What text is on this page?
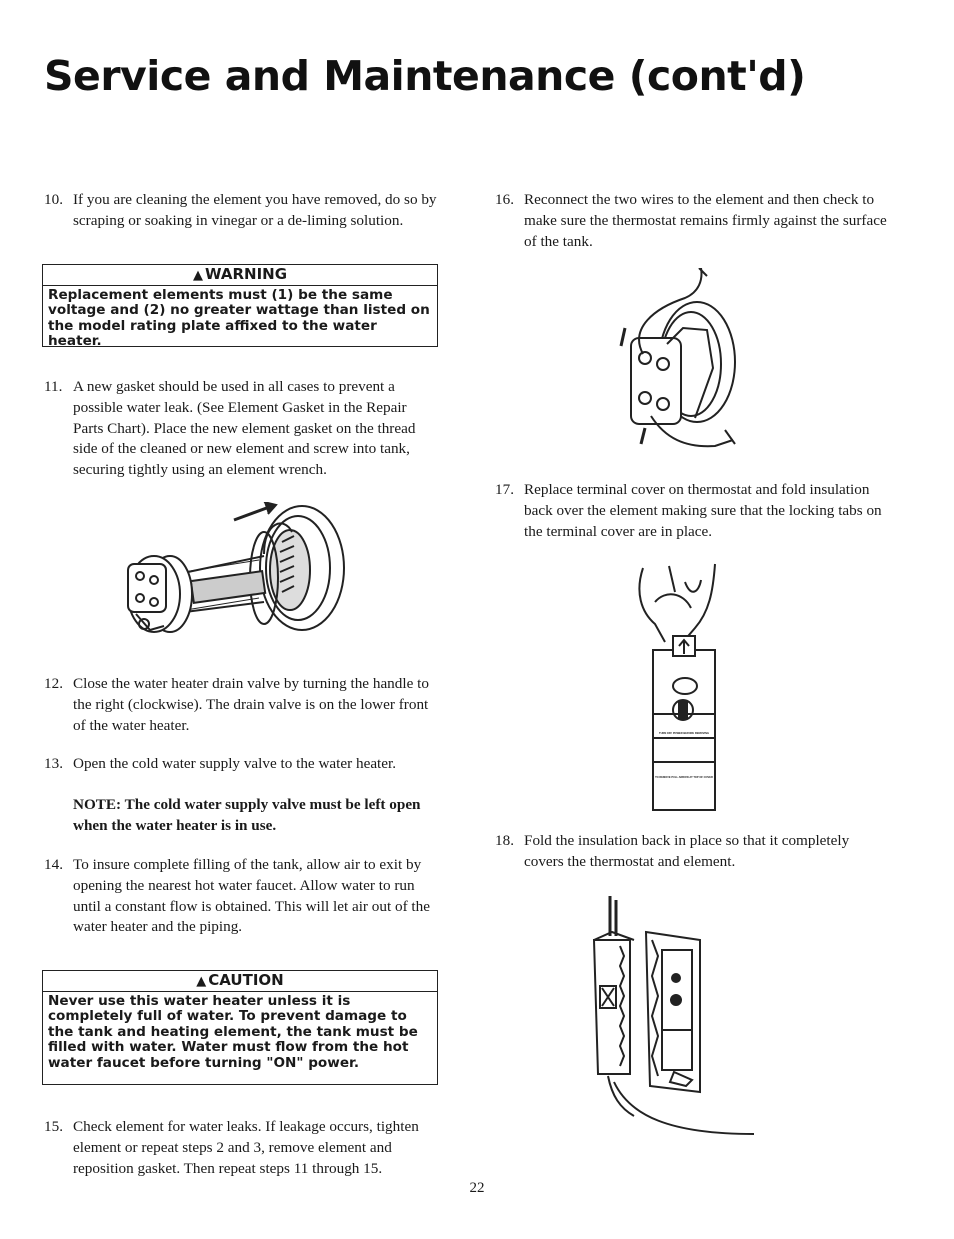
Service and Maintenance (cont'd)
10. If you are cleaning the element you have removed, do so by scraping or soaking in vinegar or a de-liming solution.
▲ WARNING
Replacement elements must (1) be the same voltage and (2) no greater wattage than listed on the model rating plate affixed to the water heater.
11. A new gasket should be used in all cases to prevent a possible water leak. (See Element Gasket in the Repair Parts Chart). Place the new element gasket on the thread side of the cleaned or new element and screw into tank, securing tightly using an element wrench.
12. Close the water heater drain valve by turning the handle to the right (clockwise). The drain valve is on the lower front of the water heater.
13. Open the cold water supply valve to the water heater.
NOTE: The cold water supply valve must be left open when the water heater is in use.
14. To insure complete filling of the tank, allow air to exit by opening the nearest hot water faucet. Allow water to run until a constant flow is obtained. This will let air out of the water heater and the piping.
▲ CAUTION
Never use this water heater unless it is completely full of water. To prevent damage to the tank and heating element, the tank must be filled with water. Water must flow from the hot water faucet before turning "ON" power.
15. Check element for water leaks. If leakage occurs, tighten element or repeat steps 2 and 3, remove element and reposition gasket. Then repeat steps 11 through 15.
16. Reconnect the two wires to the element and then check to make sure the thermostat remains firmly against the surface of the tank.
17. Replace terminal cover on thermostat and fold insulation back over the element making sure that the locking tabs on the terminal cover are in place.
TURN OFF POWER BEFORE REMOVING
TO REMOVE PULL ARROW AT TOP OF COVER
18. Fold the insulation back in place so that it completely covers the thermostat and element.
22
